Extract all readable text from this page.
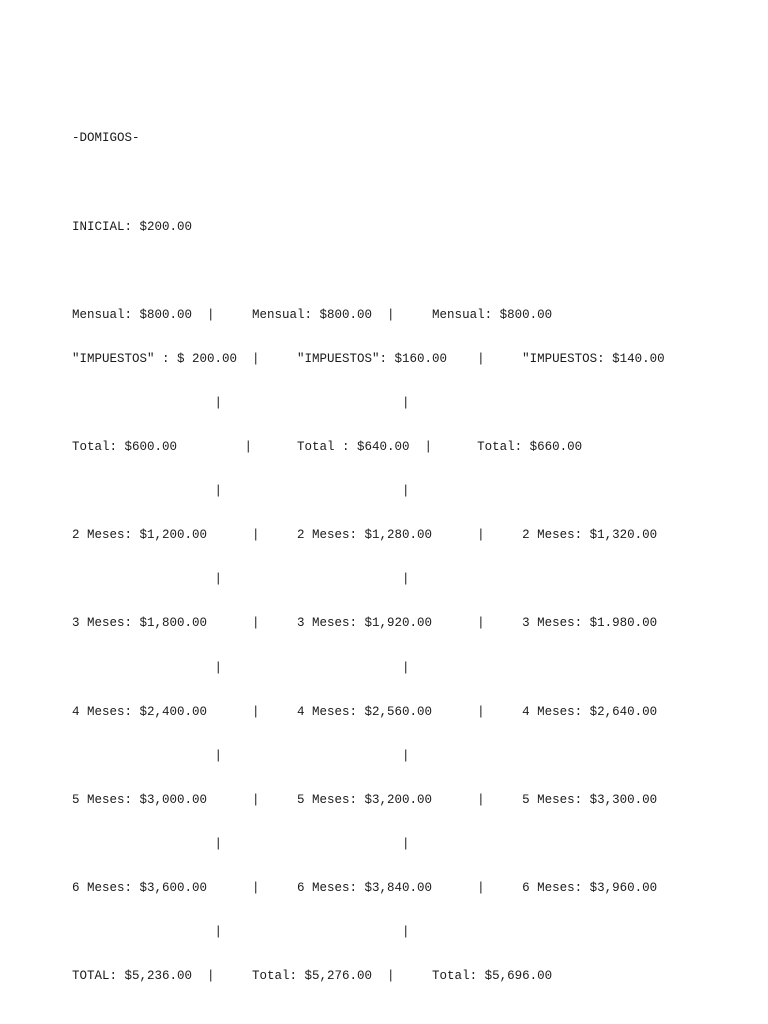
-DOMIGOS-

INICIAL: $200.00

Mensual: $800.00  |     Mensual: $800.00  |     Mensual: $800.00

"IMPUESTOS" : $ 200.00  |     "IMPUESTOS": $160.00    |     "IMPUESTOS: $140.00

|                        |

Total: $600.00         |      Total : $640.00  |      Total: $660.00

|                        |

2 Meses: $1,200.00      |     2 Meses: $1,280.00      |     2 Meses: $1,320.00

|                        |

3 Meses: $1,800.00      |     3 Meses: $1,920.00      |     3 Meses: $1.980.00

|                        |

4 Meses: $2,400.00      |     4 Meses: $2,560.00      |     4 Meses: $2,640.00

|                        |

5 Meses: $3,000.00      |     5 Meses: $3,200.00      |     5 Meses: $3,300.00

|                        |

6 Meses: $3,600.00      |     6 Meses: $3,840.00      |     6 Meses: $3,960.00

|                        |

TOTAL: $5,236.00  |     Total: $5,276.00  |     Total: $5,696.00
